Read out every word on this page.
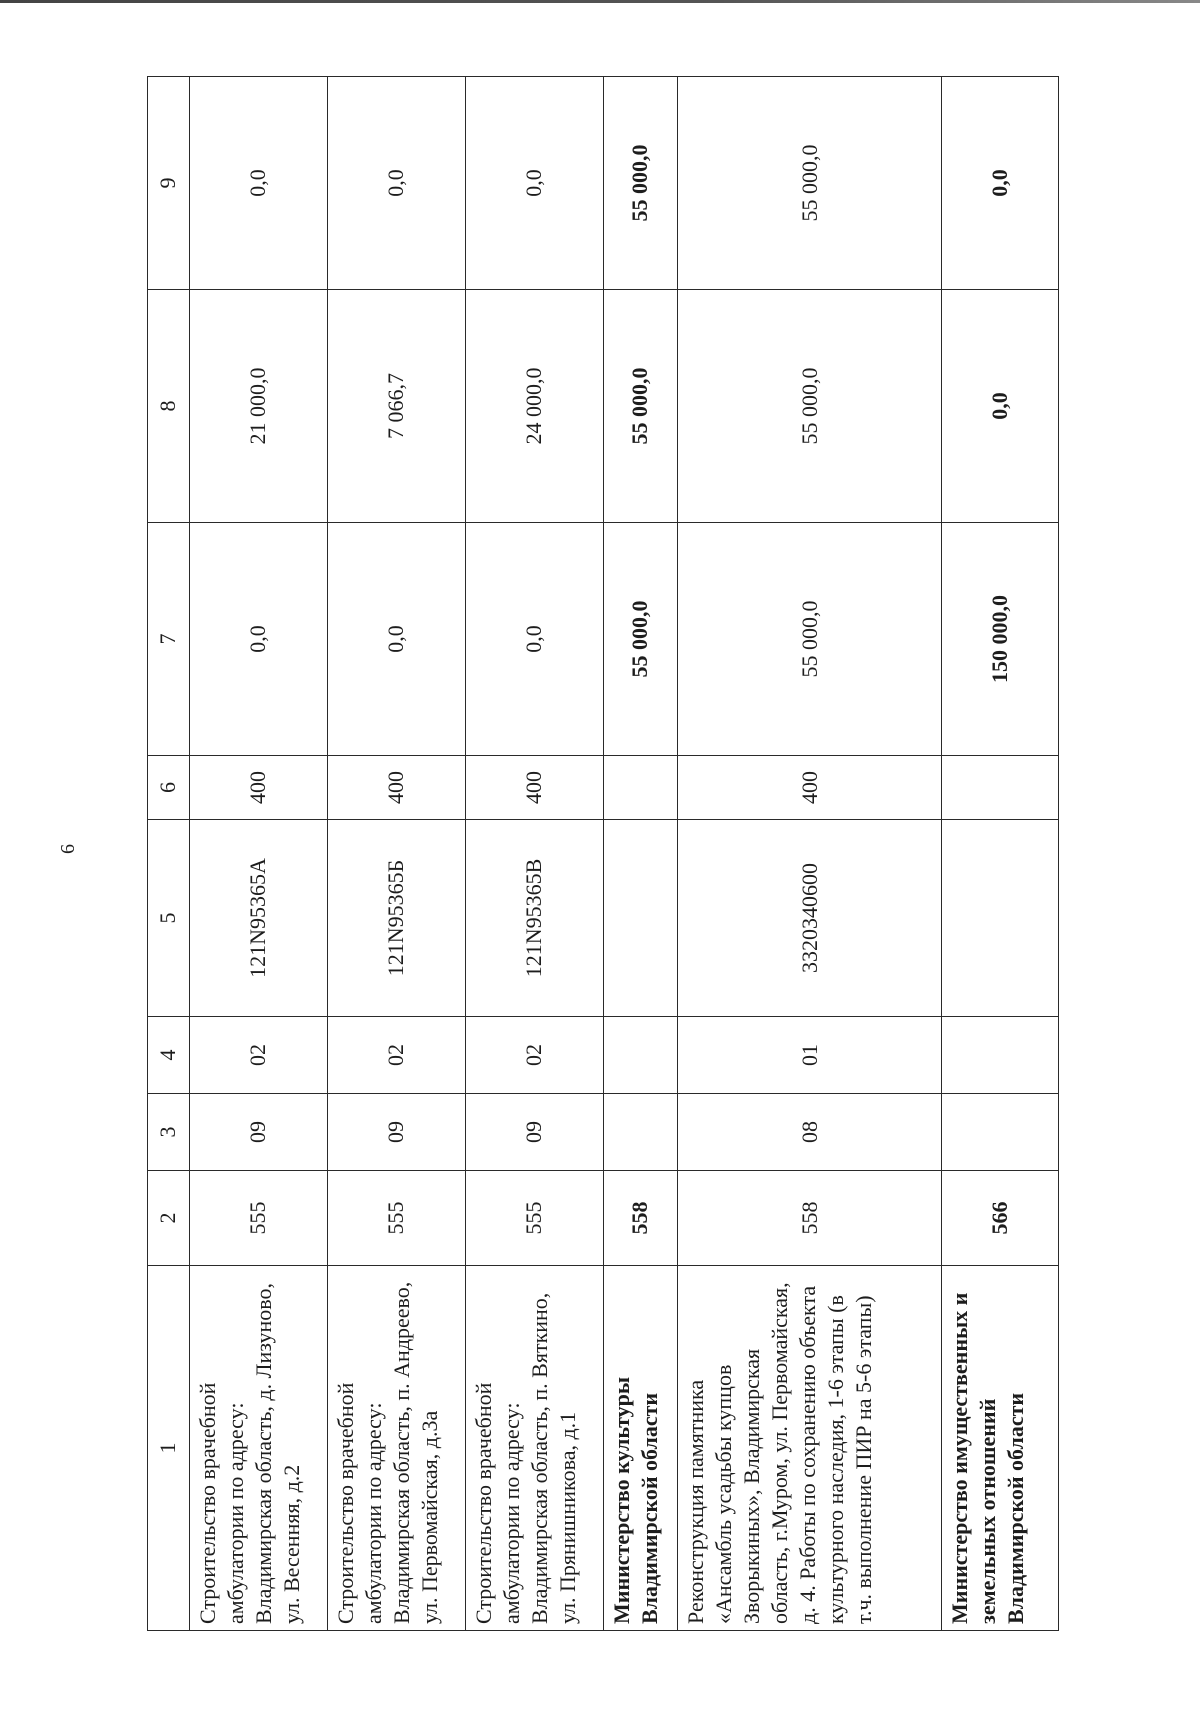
6
1	2	3	4	5	6	7	8	9
Строительство врачебной амбулатории по адресу: Владимирская область, д. Лизуново, ул. Весенняя, д.2	555	09	02	121N95365А	400	0,0	21 000,0	0,0
Строительство врачебной амбулатории по адресу: Владимирская область, п. Андреево, ул. Первомайская, д.3а	555	09	02	121N95365Б	400	0,0	7 066,7	0,0
Строительство врачебной амбулатории по адресу: Владимирская область, п. Вяткино, ул. Прянишникова, д.1	555	09	02	121N95365В	400	0,0	24 000,0	0,0
Министерство культуры Владимирской области	558					55 000,0	55 000,0	55 000,0
Реконструкция памятника «Ансамбль усадьбы купцов Зворыкиных», Владимирская область, г.Муром, ул. Первомайская, д. 4. Работы по сохранению объекта культурного наследия, 1-6 этапы (в т.ч. выполнение ПИР на 5-6 этапы)	558	08	01	3320340600	400	55 000,0	55 000,0	55 000,0
Министерство имущественных и земельных отношений Владимирской области	566					150 000,0	0,0	0,0
